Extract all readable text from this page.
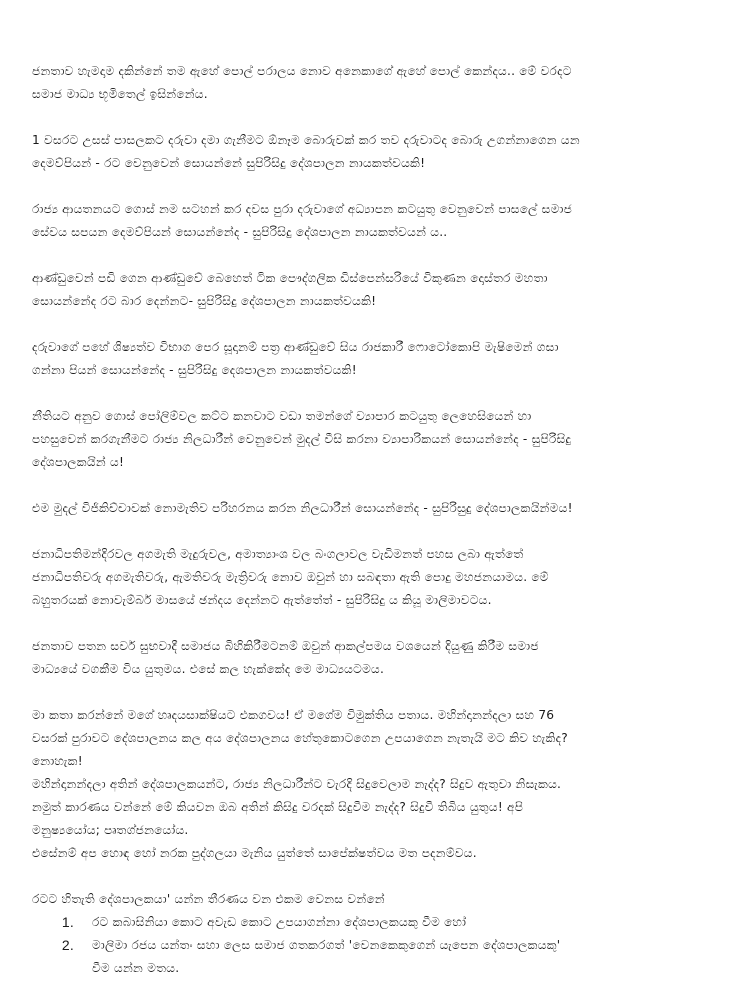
ජනතාව හැමදාම දකින්නේ තම ඇහේ පොල් පරාලය නොව අනෙකාගේ ඇහේ පොල් කෙන්දය.. මේ වරදට
සමාජ මාධ්‍ය භූමිතෙල් ඉසින්නේය.

1 වසරට උසස් පාසලකට දරුවා දමා ගැනීමට ඕනෑම බොරුවක් කර තව දරුවාටද බොරු උගන්නාගෙන යන
දෙමව්පියන් - රට වෙනුවෙන් සොයන්නේ සුපිරිසිදු දේශපාලන නායකත්වයකි!

රාජ්‍ය ආයතනයට ගොස් නම සටහන් කර දවස පුරා දරුවාගේ අධ්‍යාපන කටයුතු වෙනුවෙන් පාසලේ සමාජ
සේවය සපයන දෙමව්පියන් සොයන්නේද - සුපිරිසිදු දේශපාලන නායකත්වයන් ය..

ආණ්ඩුවෙන් පඩි ගෙන ආණ්ඩුවේ බෙහෙත් ටික පෞද්ගලික ඩිස්පෙන්සරියේ විකුණන දොස්තර මහතා
සොයන්නේද රට බාර දෙන්නට- සුපිරිසිදු දේශපාලන නායකත්වයකි!

දරුවාගේ පහේ ශිෂ්‍යත්ව විභාග පෙර සූදානම් පත්‍ර ආණ්ඩුවේ සිය රාජකාරී ෆොටෝකොපි මැෂිමෙන් ගසා
ගන්නා පියන් සොයන්නේද - සුපිරිසිදු දෙශපාලන නායකත්වයකි!

නීතියට අනුව ගොස් පෝලිම්වල කට්ට කනවාට වඩා තමන්ගේ ව්‍යාපාර කටයුතු ලෙහෙසියෙන් හා
පහසුවෙන් කරගැනීමට රාජ්‍ය නිලධාරීන් වෙනුවෙන් මුදල් වීසි කරනා ව්‍යාපාරිකයන් සොයන්නේද - සුපිරිසිදු
දේශපාලකයින් ය!

එම මුදල් විජිකිච්චාවක් නොමැතිව පරිහරනය කරන නිලධාරීන් සොයන්නේද - සුපිරිසුදු දේශපාලකයින්මය!

ජනාධිපතිමන්දිරවල අගමැති මැදුරුවල, අමාත්‍යාංශ වල බංගලාවල වැඩිමනත් පහස ලබා ඇත්තේ
ජනාධිපතිවරු අගමැතිවරු, ඇමතිවරු මැත්‍රිවරු නොව ඔවුන් හා සබඳතා ඇති පොදු මහජනයාමය. මේ
බහුතරයක් නොවැම්බර් මාසයේ ඡන්දය දෙන්නට ඇත්තේත් - සුපිරිසිදු ය කියූ මාලිමාවටය.

ජනතාව පතන සර්ව සුභවාදී සමාජය බිහිකිරීමටනම් ඔවුන් ආකල්පමය වශයෙන් දියුණු කිරීම සමාජ
මාධ්‍යයේ වගකීම විය යුතුමය. එසේ කල හැක්කේද මෙ මාධ්‍යයටමය.

මා කතා කරන්නේ මගේ හෘදයසාක්ෂියට එකගවය! ඒ මගේම විමුක්තිය පතාය. මහින්දානන්දලා සහ 76
වසරක් පුරාවට දේශපාලනය කල අය දේශපාලනය හේතුකොටගෙන උපයාගෙන නැතැයි මට කිව හැකිද?
නොහැක!
මහින්දානන්දලා අතින් දේශපාලකයන්ට, රාජ්‍ය නිලධාරීන්ට වැරදි සිදුවෙලාම නැද්ද? සිදුව ඇතුවා නිසැකය.
නමුත් කාරණය වන්නේ මේ කියවන ඔබ අතින් කිසිදු වරදක් සිදුවීම නැද්ද? සිදුවී තිබිය යුතුය! අපි
මනුෂ්‍යයෝය; පෘතග්ජනයෝය.
එසේනම් අප හොඳ හෝ නරක පුද්ගලයා මැනිය යුත්තේ සාපේක්ෂත්වය මත පදනම්වය.

රටට හිතැති දේශපාලකයා' යන්න තීරණය වන එකම වෙනස වන්නේ

1.	රට කබාසිනියා කොට අවැඩ කොට උපයාගන්නා දේශපාලකයකු වීම හෝ
2.	මාලිමා රජය යන්තං සහා ලෙස සමාජ ගතකරගත් 'වෙනකෙකුගෙන් යැපෙන දේශපාලකයකු'
වීම යන්න මතය.
